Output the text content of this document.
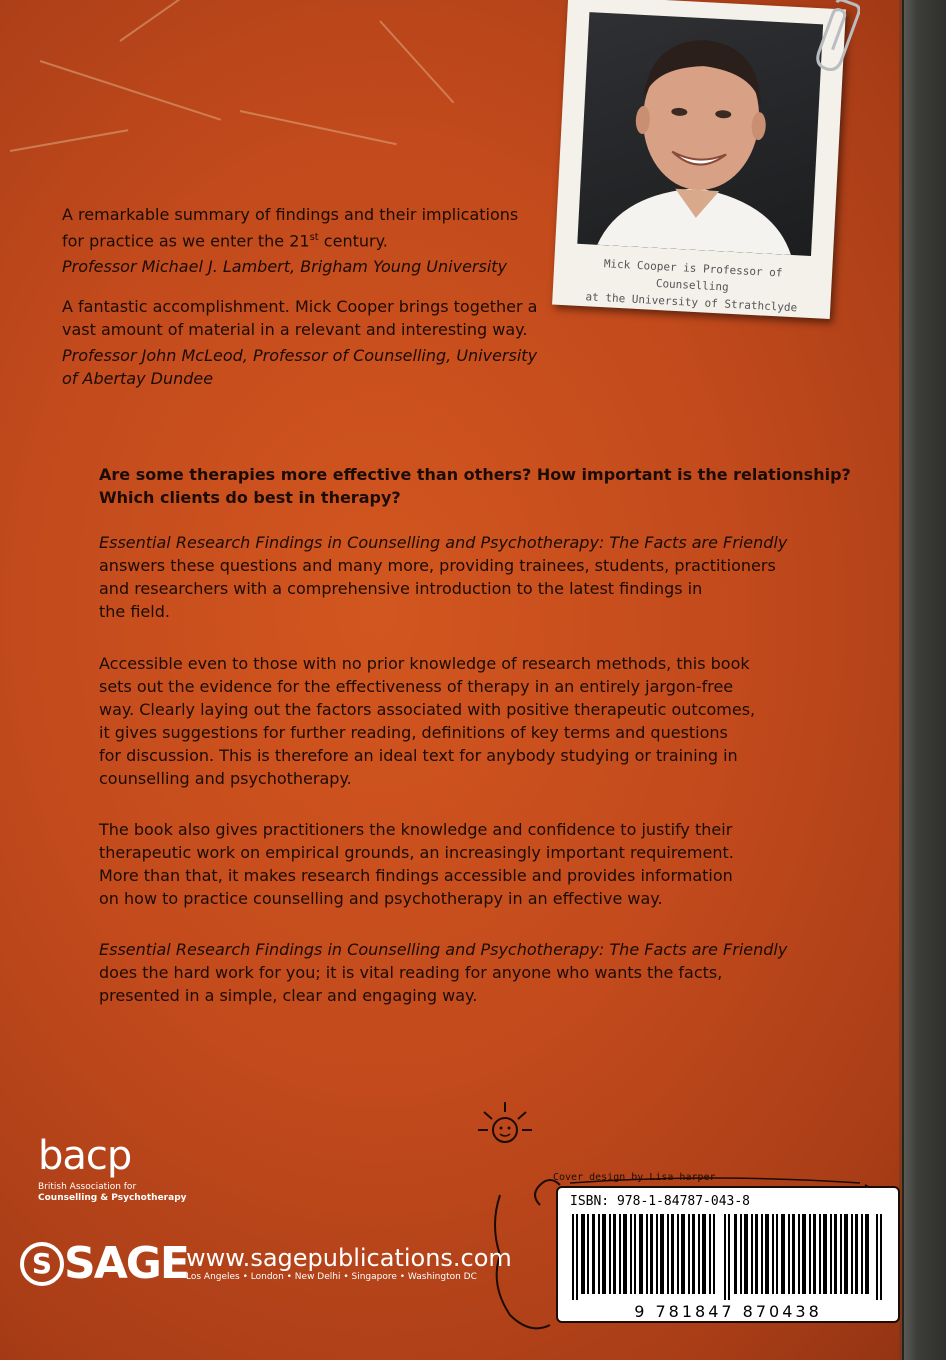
A remarkable summary of findings and their implications
for practice as we enter the 21st century.
Professor Michael J. Lambert, Brigham Young University
A fantastic accomplishment. Mick Cooper brings together a
vast amount of material in a relevant and interesting way.
Professor John McLeod, Professor of Counselling, University
of Abertay Dundee
Mick Cooper is Professor of Counselling
at the University of Strathclyde
Are some therapies more effective than others? How important is the relationship?
Which clients do best in therapy?
Essential Research Findings in Counselling and Psychotherapy: The Facts are Friendly
answers these questions and many more, providing trainees, students, practitioners
and researchers with a comprehensive introduction to the latest findings in
the field.
Accessible even to those with no prior knowledge of research methods, this book
sets out the evidence for the effectiveness of therapy in an entirely jargon-free
way. Clearly laying out the factors associated with positive therapeutic outcomes,
it gives suggestions for further reading, definitions of key terms and questions
for discussion. This is therefore an ideal text for anybody studying or training in
counselling and psychotherapy.
The book also gives practitioners the knowledge and confidence to justify their
therapeutic work on empirical grounds, an increasingly important requirement.
More than that, it makes research findings accessible and provides information
on how to practice counselling and psychotherapy in an effective way.
Essential Research Findings in Counselling and Psychotherapy: The Facts are Friendly
does the hard work for you; it is vital reading for anyone who wants the facts,
presented in a simple, clear and engaging way.
Cover design by Lisa harper
ISBN: 978-1-84787-043-8
9 781847 870438
bacp
British Association for
Counselling & Psychotherapy
S SAGE
www.sagepublications.com
Los Angeles • London • New Delhi • Singapore • Washington DC
